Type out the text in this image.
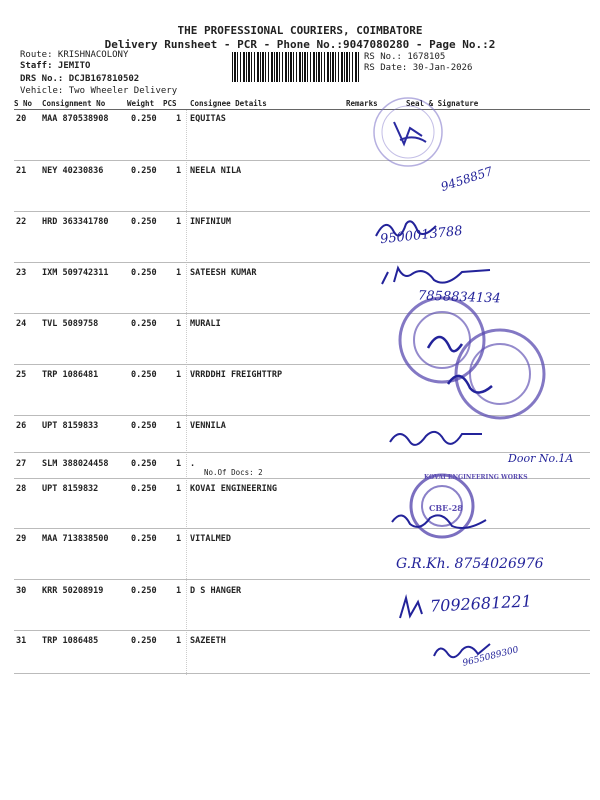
THE PROFESSIONAL COURIERS, COIMBATORE
Delivery Runsheet - PCR - Phone No.:9047080280 - Page No.:2
Route: KRISHNACOLONY
Staff: JEMITO
DRS No.: DCJB167810502
Vehicle: Two Wheeler Delivery
RS No.: 1678105
RS Date: 30-Jan-2026
S No Consignment No	Weight PCS Consignee Details	Remarks	Seal & Signature
20 MAA 870538908	0.250 1 EQUITAS
21 NEY 40230836	0.250 1 NEELA NILA
22 HRD 363341780	0.250 1 INFINIUM
23 IXM 509742311	0.250 1 SATEESH KUMAR
24 TVL 5089758	0.250 1 MURALI
25 TRP 1086481	0.250 1 VRRDDHI FREIGHTTRP
26 UPT 8159833	0.250 1 VENNILA
27 SLM 388024458	0.250 1 .
No.Of Docs: 2
28 UPT 8159832	0.250 1 KOVAI ENGINEERING
29 MAA 713838500	0.250 1 VITALMED
30 KRR 50208919	0.250 1 D S HANGER
31 TRP 1086485	0.250 1 SAZEETH
KOVAI ENGINEERING WORKS
CBE-28
9458857
9500013788
7858834134
Door No.1A
G.R.Kh. 8754026976
7092681221
9655089300
